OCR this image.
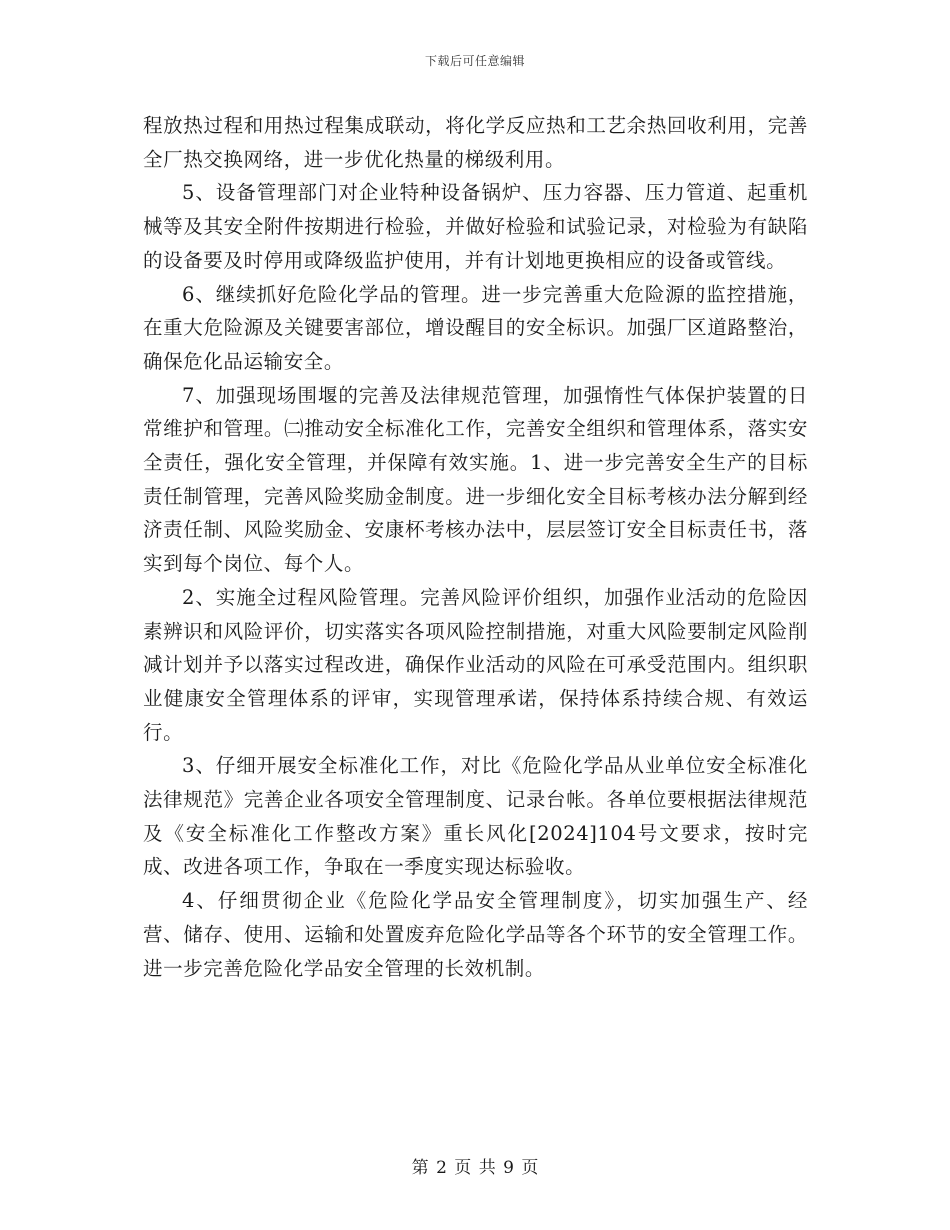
下载后可任意编辑

程放热过程和用热过程集成联动，将化学反应热和工艺余热回收利用，完善全厂热交换网络，进一步优化热量的梯级利用。

5、设备管理部门对企业特种设备锅炉、压力容器、压力管道、起重机械等及其安全附件按期进行检验，并做好检验和试验记录，对检验为有缺陷的设备要及时停用或降级监护使用，并有计划地更换相应的设备或管线。

6、继续抓好危险化学品的管理。进一步完善重大危险源的监控措施，在重大危险源及关键要害部位，增设醒目的安全标识。加强厂区道路整治，确保危化品运输安全。

7、加强现场围堰的完善及法律规范管理，加强惰性气体保护装置的日常维护和管理。㈡推动安全标准化工作，完善安全组织和管理体系，落实安全责任，强化安全管理，并保障有效实施。1、进一步完善安全生产的目标责任制管理，完善风险奖励金制度。进一步细化安全目标考核办法分解到经济责任制、风险奖励金、安康杯考核办法中，层层签订安全目标责任书，落实到每个岗位、每个人。

2、实施全过程风险管理。完善风险评价组织，加强作业活动的危险因素辨识和风险评价，切实落实各项风险控制措施，对重大风险要制定风险削减计划并予以落实过程改进，确保作业活动的风险在可承受范围内。组织职业健康安全管理体系的评审，实现管理承诺，保持体系持续合规、有效运行。

3、仔细开展安全标准化工作，对比《危险化学品从业单位安全标准化法律规范》完善企业各项安全管理制度、记录台帐。各单位要根据法律规范及《安全标准化工作整改方案》重长风化[2024]104号文要求，按时完成、改进各项工作，争取在一季度实现达标验收。

4、仔细贯彻企业《危险化学品安全管理制度》，切实加强生产、经营、储存、使用、运输和处置废弃危险化学品等各个环节的安全管理工作。进一步完善危险化学品安全管理的长效机制。

第 2 页 共 9 页
